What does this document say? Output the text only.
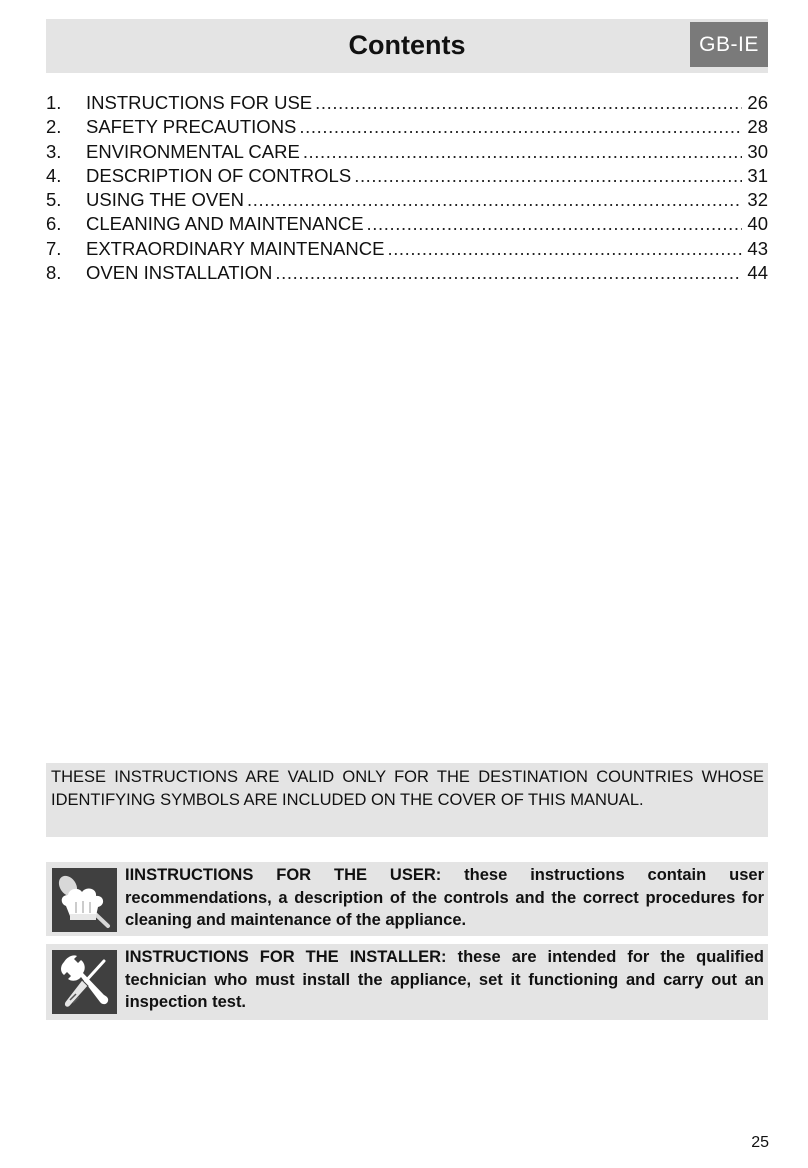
Contents	GB-IE
1.	INSTRUCTIONS FOR USE .....	26
2.	SAFETY PRECAUTIONS .....	28
3.	ENVIRONMENTAL CARE .....	30
4.	DESCRIPTION OF CONTROLS .....	31
5.	USING THE OVEN .....	32
6.	CLEANING AND MAINTENANCE .....	40
7.	EXTRAORDINARY MAINTENANCE .....	43
8.	OVEN INSTALLATION .....	44
THESE INSTRUCTIONS ARE VALID ONLY FOR THE DESTINATION COUNTRIES WHOSE IDENTIFYING SYMBOLS ARE INCLUDED ON THE COVER OF THIS MANUAL.
IINSTRUCTIONS FOR THE USER: these instructions contain user recommendations, a description of the controls and the correct procedures for cleaning and maintenance of the appliance.
INSTRUCTIONS FOR THE INSTALLER: these are intended for the qualified technician who must install the appliance, set it functioning and carry out an inspection test.
25
